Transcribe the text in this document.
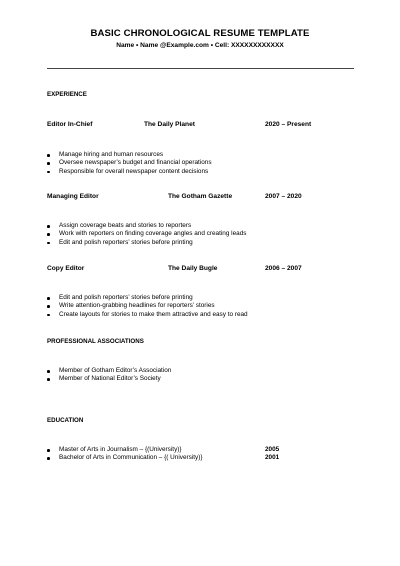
BASIC CHRONOLOGICAL RESUME TEMPLATE
Name • Name @Example.com • Cell: XXXXXXXXXXXX
EXPERIENCE
Editor In-Chief	The Daily Planet	2020 – Present
Manage hiring and human resources
Oversee newspaper’s budget and financial operations
Responsible for overall newspaper content decisions
Managing Editor	The Gotham Gazette	2007 – 2020
Assign coverage beats and stories to reporters
Work with reporters on finding coverage angles and creating leads
Edit and polish reporters’ stories before printing
Copy Editor	The Daily Bugle	2006 – 2007
Edit and polish reporters’ stories before printing
Write attention-grabbing headlines for reporters’ stories
Create layouts for stories to make them attractive and easy to read
PROFESSIONAL ASSOCIATIONS
Member of Gotham Editor’s Association
Member of National Editor’s Society
EDUCATION
Master of Arts in Journalism – {(University)}	2005
Bachelor of Arts in Communication – {( University)}	2001
